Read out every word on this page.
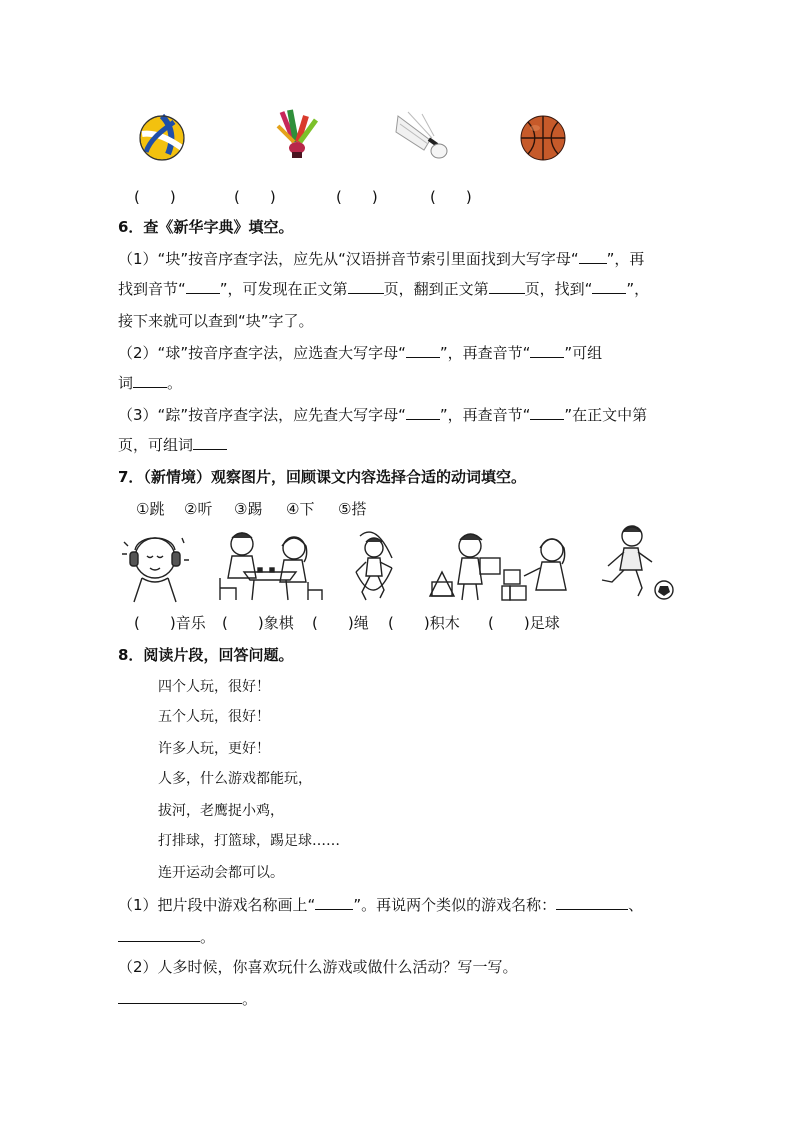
(　　)	(　　)	(　　)	(　　)
6．查《新华字典》填空。
（1）“块”按音序查字法，应先从“汉语拼音节索引里面找到大写字母“ ”，再
找到音节“ ”，可发现在正文第 页，翻到正文第 页，找到“ ”，
接下来就可以查到“块”字了。
（2）“球”按音序查字法，应选查大写字母“ ”，再查音节“ ”可组
词 。
（3）“踪”按音序查字法，应先查大写字母“ ”，再查音节“ ”在正文中第
页，可组词
7．（新情境）观察图片，回顾课文内容选择合适的动词填空。
①跳 ②听 ③踢 ④下 ⑤搭
(　　)音乐 (　　)象棋 (　　)绳 (　　)积木 (　　)足球
8．阅读片段，回答问题。
四个人玩，很好！
五个人玩，很好！
许多人玩，更好！
人多，什么游戏都能玩，
拔河，老鹰捉小鸡，
打排球，打篮球，踢足球……
连开运动会都可以。
（1）把片段中游戏名称画上“	”。再说两个类似的游戏名称：	、
。
（2）人多时候，你喜欢玩什么游戏或做什么活动？写一写。
。
